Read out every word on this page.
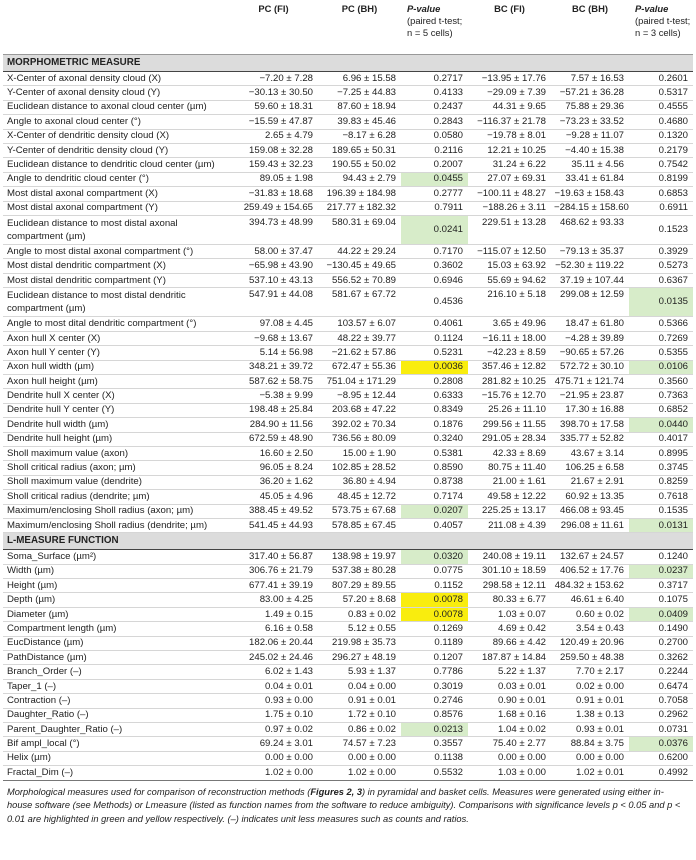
	PC (FI)	PC (BH)	P-value
(paired t-test;
n = 5 cells)	BC (FI)	BC (BH)	P-value
(paired t-test;
n = 3 cells)
MORPHOMETRIC MEASURE						
X-Center of axonal density cloud (X)	−7.20 ± 7.28	6.96 ± 15.58	0.2717	−13.95 ± 17.76	7.57 ± 16.53	0.2601
Y-Center of axonal density cloud (Y)	−30.13 ± 30.50	−7.25 ± 44.83	0.4133	−29.09 ± 7.39	−57.21 ± 36.28	0.5317
Euclidean distance to axonal cloud center (µm)	59.60 ± 18.31	87.60 ± 18.94	0.2437	44.31 ± 9.65	75.88 ± 29.36	0.4555
Angle to axonal cloud center (°)	−15.59 ± 47.87	39.83 ± 45.46	0.2843	−116.37 ± 21.78	−73.23 ± 33.52	0.4680
X-Center of dendritic density cloud (X)	2.65 ± 4.79	−8.17 ± 6.28	0.0580	−19.78 ± 8.01	−9.28 ± 11.07	0.1320
Y-Center of dendritic density cloud (Y)	159.08 ± 32.28	189.65 ± 50.31	0.2116	12.21 ± 10.25	−4.40 ± 15.38	0.2179
Euclidean distance to dendritic cloud center (µm)	159.43 ± 32.23	190.55 ± 50.02	0.2007	31.24 ± 6.22	35.11 ± 4.56	0.7542
Angle to dendritic cloud center (°)	89.05 ± 1.98	94.43 ± 2.79	0.0455	27.07 ± 69.31	33.41 ± 61.84	0.8199
Most distal axonal compartment (X)	−31.83 ± 18.68	196.39 ± 184.98	0.2777	−100.11 ± 48.27	−19.63 ± 158.43	0.6853
Most distal axonal compartment (Y)	259.49 ± 154.65	217.77 ± 182.32	0.7911	−188.26 ± 3.11	−284.15 ± 158.60	0.6911
Euclidean distance to most distal axonal compartment (µm)	394.73 ± 48.99	580.31 ± 69.04	0.0241	229.51 ± 13.28	468.62 ± 93.33	0.1523
Angle to most distal axonal compartment (°)	58.00 ± 37.47	44.22 ± 29.24	0.7170	−115.07 ± 12.50	−79.13 ± 35.37	0.3929
Most distal dendritic compartment (X)	−65.98 ± 43.90	−130.45 ± 49.65	0.3602	15.03 ± 63.92	−52.30 ± 119.22	0.5273
Most distal dendritic compartment (Y)	537.10 ± 43.13	556.52 ± 70.89	0.6946	55.69 ± 94.62	37.19 ± 107.44	0.6367
Euclidean distance to most distal dendritic compartment (µm)	547.91 ± 44.08	581.67 ± 67.72	0.4536	216.10 ± 5.18	299.08 ± 12.59	0.0135
Angle to most dital dendritic compartment (°)	97.08 ± 4.45	103.57 ± 6.07	0.4061	3.65 ± 49.96	18.47 ± 61.80	0.5366
Axon hull X center (X)	−9.68 ± 13.67	48.22 ± 39.77	0.1124	−16.11 ± 18.00	−4.28 ± 39.89	0.7269
Axon hull Y center (Y)	5.14 ± 56.98	−21.62 ± 57.86	0.5231	−42.23 ± 8.59	−90.65 ± 57.26	0.5355
Axon hull width (µm)	348.21 ± 39.72	672.47 ± 55.36	0.0036	357.46 ± 12.82	572.72 ± 30.10	0.0106
Axon hull height (µm)	587.62 ± 58.75	751.04 ± 171.29	0.2808	281.82 ± 10.25	475.71 ± 121.74	0.3560
Dendrite hull X center (X)	−5.38 ± 9.99	−8.95 ± 12.44	0.6333	−15.76 ± 12.70	−21.95 ± 23.87	0.7363
Dendrite hull Y center (Y)	198.48 ± 25.84	203.68 ± 47.22	0.8349	25.26 ± 11.10	17.30 ± 16.88	0.6852
Dendrite hull width (µm)	284.90 ± 11.56	392.02 ± 70.34	0.1876	299.56 ± 11.55	398.70 ± 17.58	0.0440
Dendrite hull height (µm)	672.59 ± 48.90	736.56 ± 80.09	0.3240	291.05 ± 28.34	335.77 ± 52.82	0.4017
Sholl maximum value (axon)	16.60 ± 2.50	15.00 ± 1.90	0.5381	42.33 ± 8.69	43.67 ± 3.14	0.8995
Sholl critical radius (axon; µm)	96.05 ± 8.24	102.85 ± 28.52	0.8590	80.75 ± 11.40	106.25 ± 6.58	0.3745
Sholl maximum value (dendrite)	36.20 ± 1.62	36.80 ± 4.94	0.8738	21.00 ± 1.61	21.67 ± 2.91	0.8259
Sholl critical radius (dendrite; µm)	45.05 ± 4.96	48.45 ± 12.72	0.7174	49.58 ± 12.22	60.92 ± 13.35	0.7618
Maximum/enclosing Sholl radius (axon; µm)	388.45 ± 49.52	573.75 ± 67.68	0.0207	225.25 ± 13.17	466.08 ± 93.45	0.1535
Maximum/enclosing Sholl radius (dendrite; µm)	541.45 ± 44.93	578.85 ± 67.45	0.4057	211.08 ± 4.39	296.08 ± 11.61	0.0131
L-MEASURE FUNCTION						
Soma_Surface (µm²)	317.40 ± 56.87	138.98 ± 19.97	0.0320	240.08 ± 19.11	132.67 ± 24.57	0.1240
Width (µm)	306.76 ± 21.79	537.38 ± 80.28	0.0775	301.10 ± 18.59	406.52 ± 17.76	0.0237
Height (µm)	677.41 ± 39.19	807.29 ± 89.55	0.1152	298.58 ± 12.11	484.32 ± 153.62	0.3717
Depth (µm)	83.00 ± 4.25	57.20 ± 8.68	0.0078	80.33 ± 6.77	46.61 ± 6.40	0.1075
Diameter (µm)	1.49 ± 0.15	0.83 ± 0.02	0.0078	1.03 ± 0.07	0.60 ± 0.02	0.0409
Compartment length (µm)	6.16 ± 0.58	5.12 ± 0.55	0.1269	4.69 ± 0.42	3.54 ± 0.43	0.1490
EucDistance (µm)	182.06 ± 20.44	219.98 ± 35.73	0.1189	89.66 ± 4.42	120.49 ± 20.96	0.2700
PathDistance (µm)	245.02 ± 24.46	296.27 ± 48.19	0.1207	187.87 ± 14.84	259.50 ± 48.38	0.3262
Branch_Order (–)	6.02 ± 1.43	5.93 ± 1.37	0.7786	5.22 ± 1.37	7.70 ± 2.17	0.2244
Taper_1 (–)	0.04 ± 0.01	0.04 ± 0.00	0.3019	0.03 ± 0.01	0.02 ± 0.00	0.6474
Contraction (–)	0.93 ± 0.00	0.91 ± 0.01	0.2746	0.90 ± 0.01	0.91 ± 0.01	0.7058
Daughter_Ratio (–)	1.75 ± 0.10	1.72 ± 0.10	0.8576	1.68 ± 0.16	1.38 ± 0.13	0.2962
Parent_Daughter_Ratio (–)	0.97 ± 0.02	0.86 ± 0.02	0.0213	1.04 ± 0.02	0.93 ± 0.01	0.0731
Bif ampl_local (°)	69.24 ± 3.01	74.57 ± 7.23	0.3557	75.40 ± 2.77	88.84 ± 3.75	0.0376
Helix (µm)	0.00 ± 0.00	0.00 ± 0.00	0.1138	0.00 ± 0.00	0.00 ± 0.00	0.6200
Fractal_Dim (–)	1.02 ± 0.00	1.02 ± 0.00	0.5532	1.03 ± 0.00	1.02 ± 0.01	0.4992
Morphological measures used for comparison of reconstruction methods (Figures 2, 3) in pyramidal and basket cells. Measures were generated using either in-house software (see Methods) or Lmeasure (listed as function names from the software to reduce ambiguity). Comparisons with significance levels p < 0.05 and p < 0.01 are highlighted in green and yellow respectively. (–) indicates unit less measures such as counts and ratios.
